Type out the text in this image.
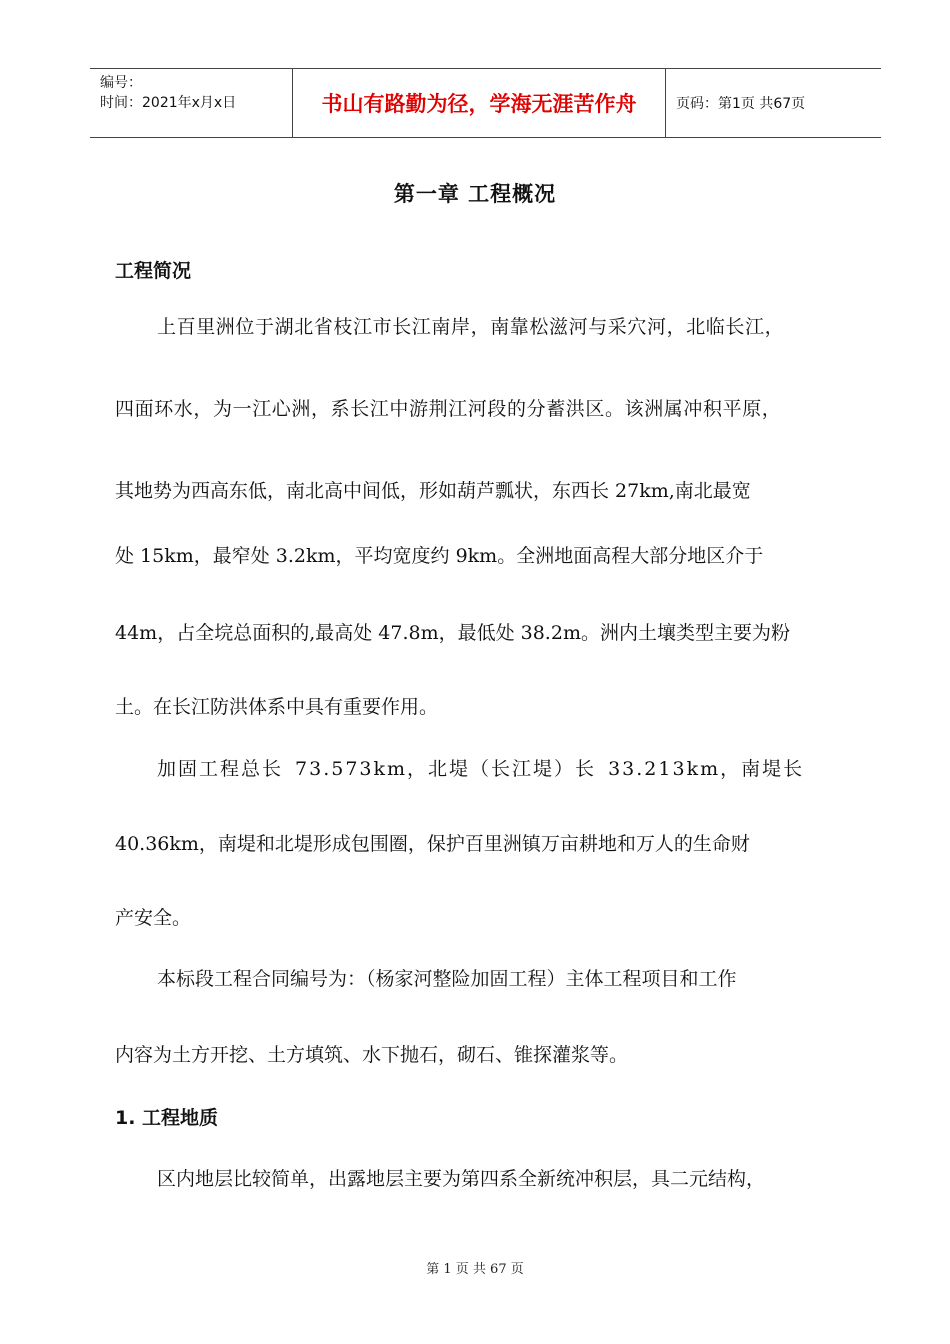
编号：
时间：2021年x月x日	书山有路勤为径，学海无涯苦作舟	页码：第1页 共67页
第一章 工程概况
工程简况
上百里洲位于湖北省枝江市长江南岸，南靠松滋河与采穴河，北临长江，
四面环水，为一江心洲，系长江中游荆江河段的分蓄洪区。该洲属冲积平原，
其地势为西高东低，南北高中间低，形如葫芦瓢状，东西长 27km,南北最宽
处 15km，最窄处 3.2km，平均宽度约 9km。全洲地面高程大部分地区介于
44m，占全垸总面积的,最高处 47.8m，最低处 38.2m。洲内土壤类型主要为粉
土。在长江防洪体系中具有重要作用。
加固工程总长 73.573km，北堤（长江堤）长 33.213km，南堤长
40.36km，南堤和北堤形成包围圈，保护百里洲镇万亩耕地和万人的生命财
产安全。
本标段工程合同编号为：（杨家河整险加固工程）主体工程项目和工作
内容为土方开挖、土方填筑、水下抛石，砌石、锥探灌浆等。
1. 工程地质
区内地层比较简单，出露地层主要为第四系全新统冲积层，具二元结构，
第 1 页 共 67 页
